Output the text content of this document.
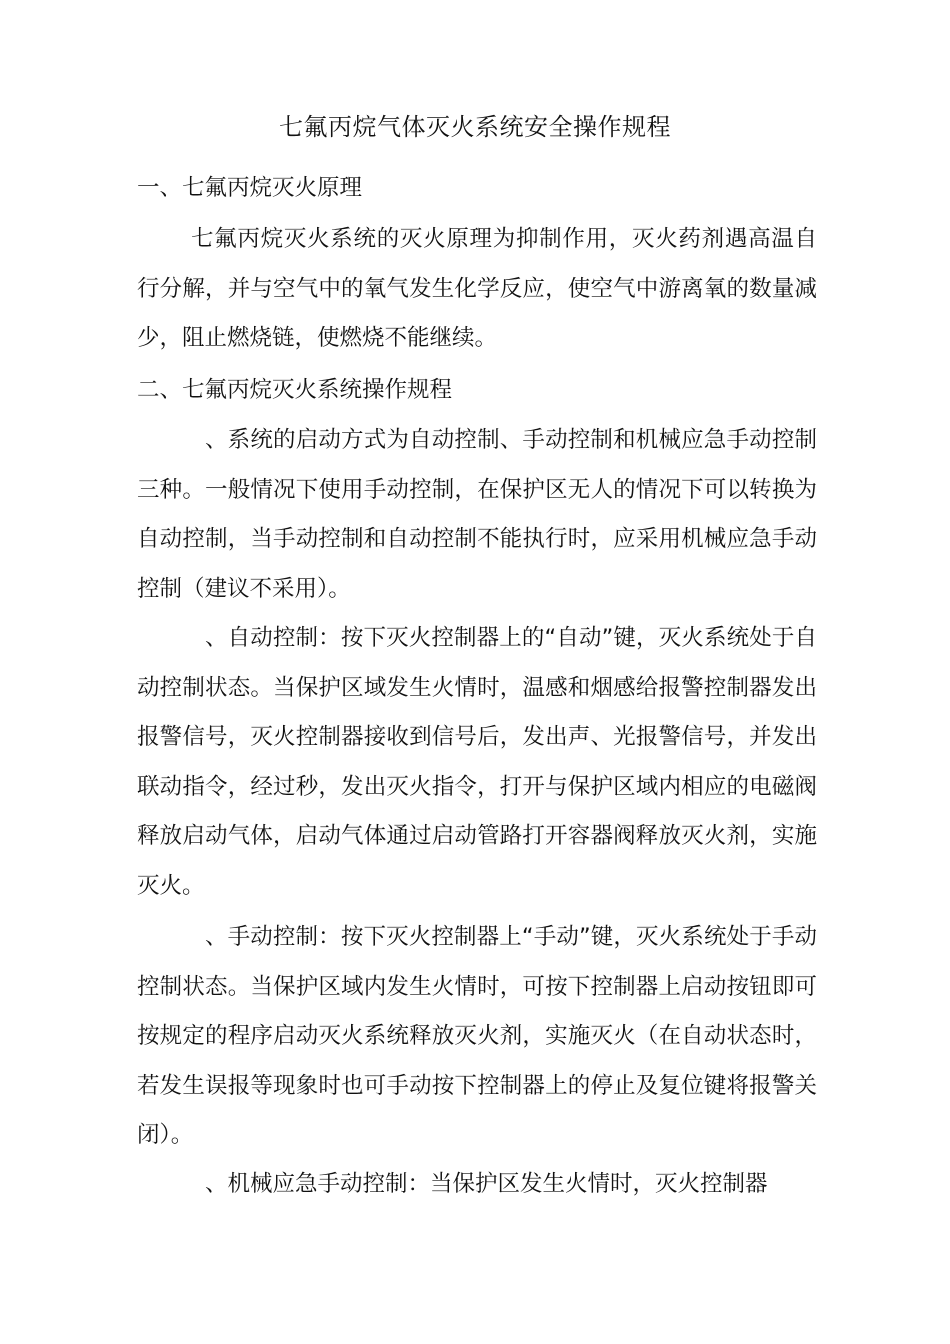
七氟丙烷气体灭火系统安全操作规程
一、七氟丙烷灭火原理

七氟丙烷灭火系统的灭火原理为抑制作用，灭火药剂遇高温自行分解，并与空气中的氧气发生化学反应，使空气中游离氧的数量减少，阻止燃烧链，使燃烧不能继续。

二、七氟丙烷灭火系统操作规程

、系统的启动方式为自动控制、手动控制和机械应急手动控制三种。一般情况下使用手动控制，在保护区无人的情况下可以转换为自动控制，当手动控制和自动控制不能执行时，应采用机械应急手动控制（建议不采用）。

、自动控制：按下灭火控制器上的“自动”键，灭火系统处于自动控制状态。当保护区域发生火情时，温感和烟感给报警控制器发出报警信号，灭火控制器接收到信号后，发出声、光报警信号，并发出联动指令，经过秒，发出灭火指令，打开与保护区域内相应的电磁阀释放启动气体，启动气体通过启动管路打开容器阀释放灭火剂，实施灭火。

、手动控制：按下灭火控制器上“手动”键，灭火系统处于手动控制状态。当保护区域内发生火情时，可按下控制器上启动按钮即可按规定的程序启动灭火系统释放灭火剂，实施灭火（在自动状态时，若发生误报等现象时也可手动按下控制器上的停止及复位键将报警关闭）。

、机械应急手动控制：当保护区发生火情时，灭火控制器
